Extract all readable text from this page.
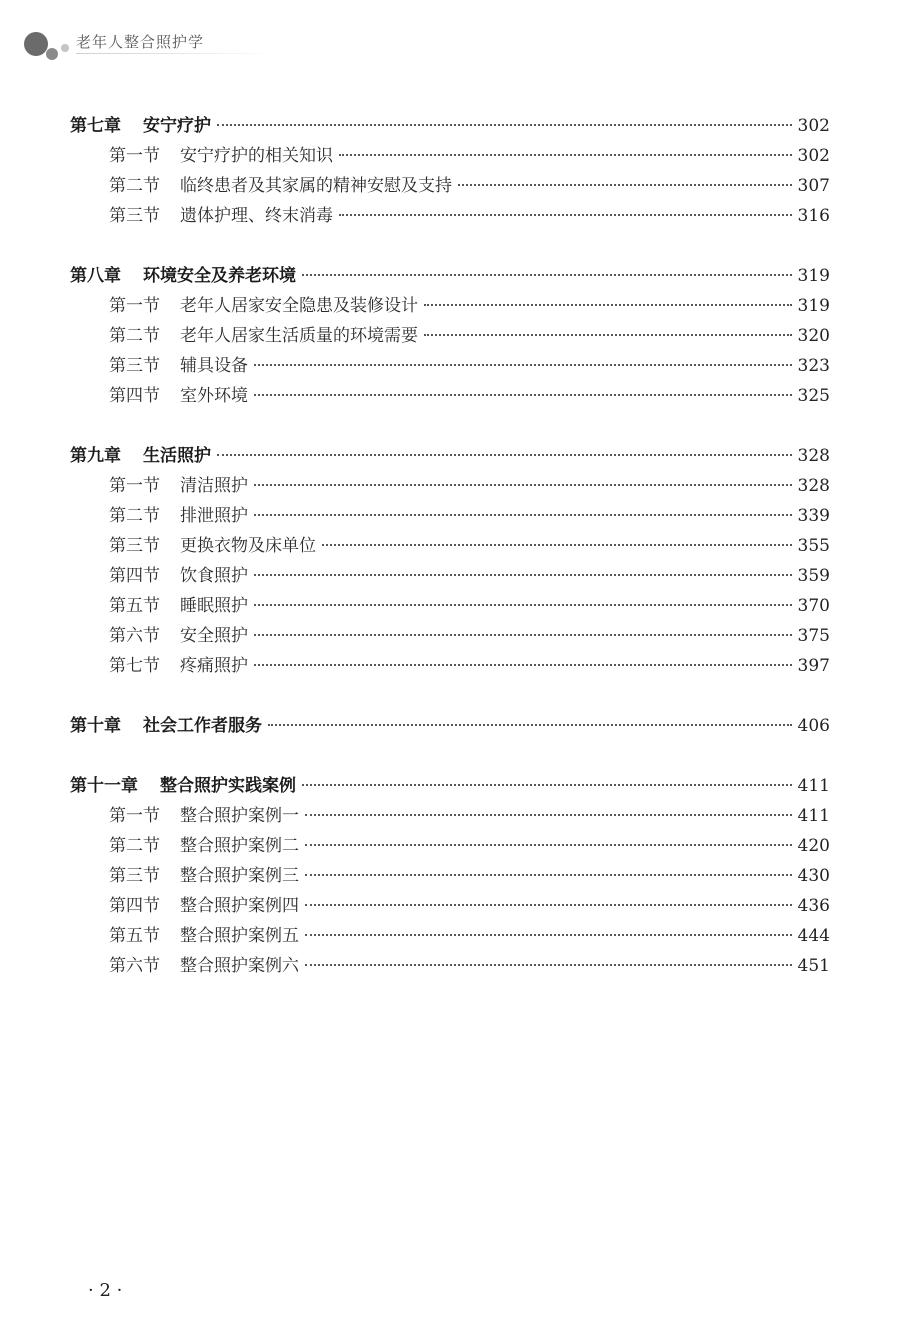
老年人整合照护学
第七章 安宁疗护	302
第一节 安宁疗护的相关知识	302
第二节 临终患者及其家属的精神安慰及支持	307
第三节 遗体护理、终末消毒	316
第八章 环境安全及养老环境	319
第一节 老年人居家安全隐患及装修设计	319
第二节 老年人居家生活质量的环境需要	320
第三节 辅具设备	323
第四节 室外环境	325
第九章 生活照护	328
第一节 清洁照护	328
第二节 排泄照护	339
第三节 更换衣物及床单位	355
第四节 饮食照护	359
第五节 睡眠照护	370
第六节 安全照护	375
第七节 疼痛照护	397
第十章 社会工作者服务	406
第十一章 整合照护实践案例	411
第一节 整合照护案例一	411
第二节 整合照护案例二	420
第三节 整合照护案例三	430
第四节 整合照护案例四	436
第五节 整合照护案例五	444
第六节 整合照护案例六	451
· 2 ·
